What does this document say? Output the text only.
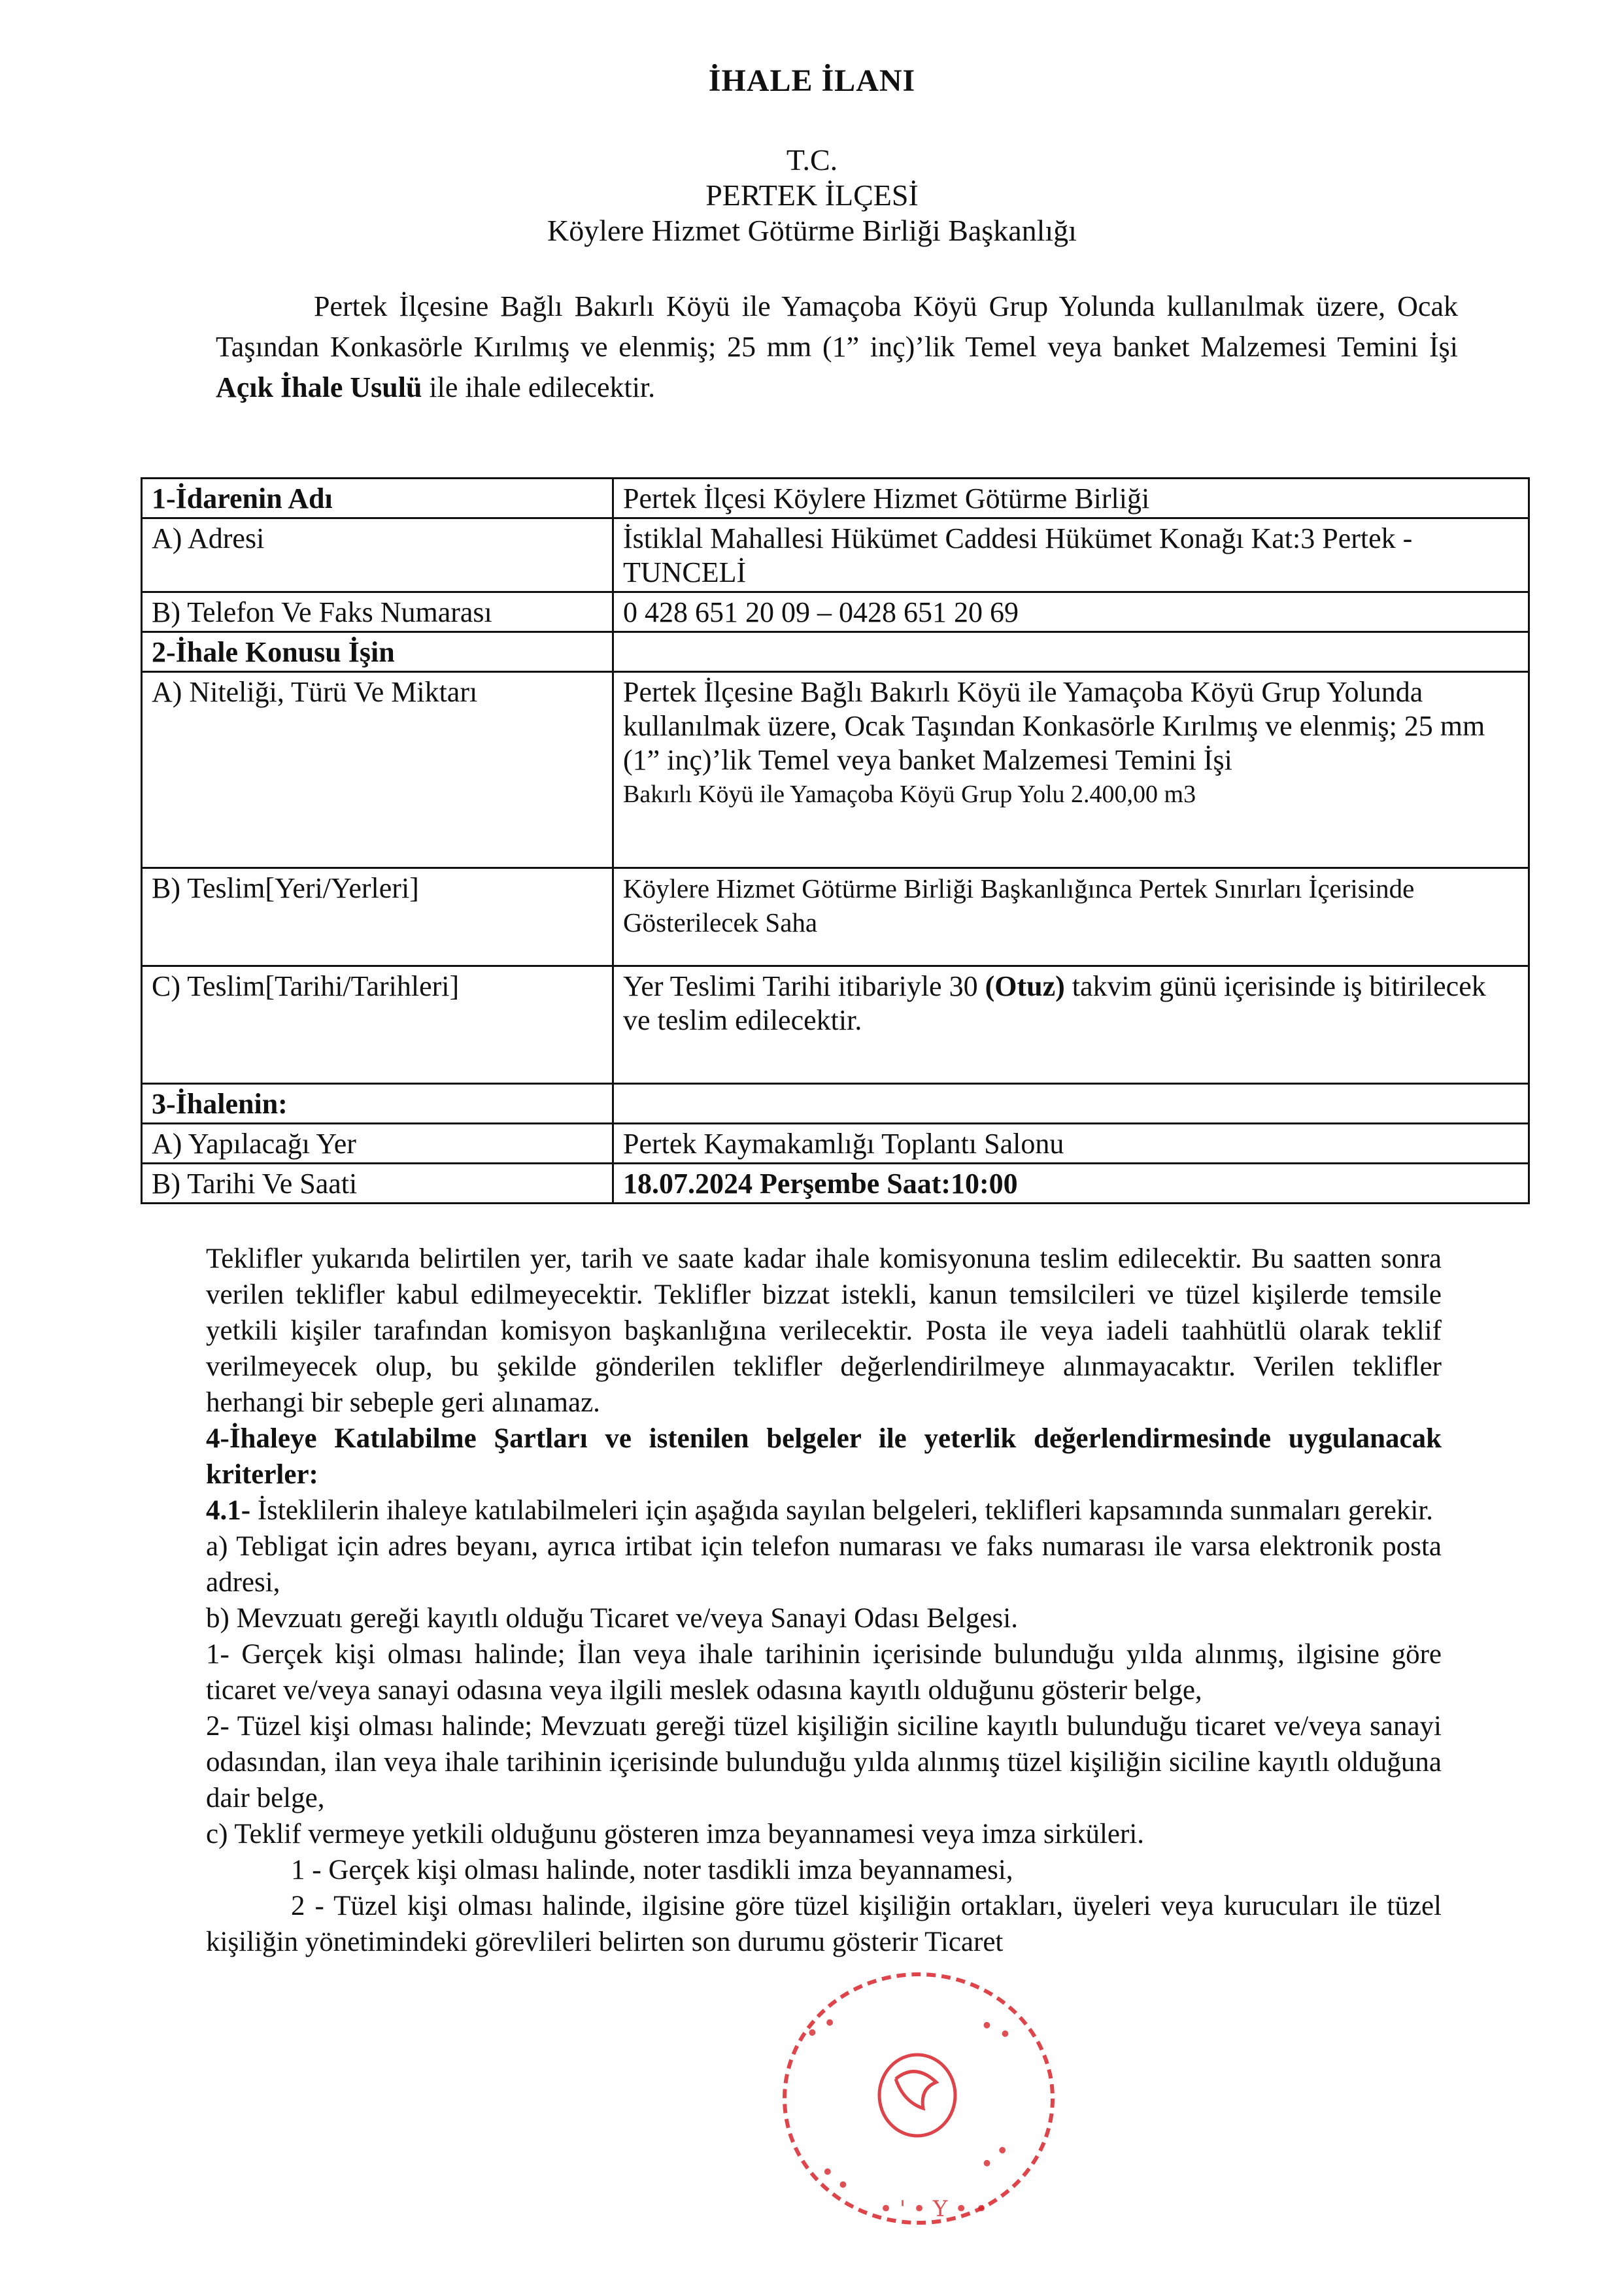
İHALE İLANI
T.C.
PERTEK İLÇESİ
Köylere Hizmet Götürme Birliği Başkanlığı
Pertek İlçesine Bağlı Bakırlı Köyü ile Yamaçoba Köyü Grup Yolunda kullanılmak üzere, Ocak Taşından Konkasörle Kırılmış ve elenmiş; 25 mm (1” inç)’lik Temel veya banket Malzemesi Temini İşi Açık İhale Usulü ile ihale edilecektir.
1-İdarenin Adı	Pertek İlçesi Köylere Hizmet Götürme Birliği
A) Adresi	İstiklal Mahallesi Hükümet Caddesi Hükümet Konağı Kat:3 Pertek -TUNCELİ
B) Telefon Ve Faks Numarası	0 428 651 20 09 – 0428 651 20 69
2-İhale Konusu İşin	
A) Niteliği, Türü Ve Miktarı	Pertek İlçesine Bağlı Bakırlı Köyü ile Yamaçoba Köyü Grup Yolunda kullanılmak üzere, Ocak Taşından Konkasörle Kırılmış ve elenmiş; 25 mm (1” inç)’lik Temel veya banket Malzemesi Temini İşi
Bakırlı Köyü ile Yamaçoba Köyü Grup Yolu 2.400,00 m3

B) Teslim[Yeri/Yerleri]	Köylere Hizmet Götürme Birliği Başkanlığınca Pertek Sınırları İçerisinde Gösterilecek Saha
C) Teslim[Tarihi/Tarihleri]	Yer Teslimi Tarihi itibariyle 30 (Otuz) takvim günü içerisinde iş bitirilecek ve teslim edilecektir.
3-İhalenin:	
A) Yapılacağı Yer	Pertek Kaymakamlığı Toplantı Salonu
B) Tarihi Ve Saati	18.07.2024 Perşembe Saat:10:00

Teklifler yukarıda belirtilen yer, tarih ve saate kadar ihale komisyonuna teslim edilecektir. Bu saatten sonra verilen teklifler kabul edilmeyecektir. Teklifler bizzat istekli, kanun temsilcileri ve tüzel kişilerde temsile yetkili kişiler tarafından komisyon başkanlığına verilecektir. Posta ile veya iadeli taahhütlü olarak teklif verilmeyecek olup, bu şekilde gönderilen teklifler değerlendirilmeye alınmayacaktır. Verilen teklifler herhangi bir sebeple geri alınamaz.

4-İhaleye Katılabilme Şartları ve istenilen belgeler ile yeterlik değerlendirmesinde uygulanacak kriterler:

4.1- İsteklilerin ihaleye katılabilmeleri için aşağıda sayılan belgeleri, teklifleri kapsamında sunmaları gerekir.

a) Tebligat için adres beyanı, ayrıca irtibat için telefon numarası ve faks numarası ile varsa elektronik posta adresi,

b) Mevzuatı gereği kayıtlı olduğu Ticaret ve/veya Sanayi Odası Belgesi.

1- Gerçek kişi olması halinde; İlan veya ihale tarihinin içerisinde bulunduğu yılda alınmış, ilgisine göre ticaret ve/veya sanayi odasına veya ilgili meslek odasına kayıtlı olduğunu gösterir belge,

2- Tüzel kişi olması halinde; Mevzuatı gereği tüzel kişiliğin siciline kayıtlı bulunduğu ticaret ve/veya sanayi odasından, ilan veya ihale tarihinin içerisinde bulunduğu yılda alınmış tüzel kişiliğin siciline kayıtlı olduğuna dair belge,

c) Teklif vermeye yetkili olduğunu gösteren imza beyannamesi veya imza sirküleri.

1 - Gerçek kişi olması halinde, noter tasdikli imza beyannamesi,

2 - Tüzel kişi olması halinde, ilgisine göre tüzel kişiliğin ortakları, üyeleri veya kurucuları ile tüzel kişiliğin yönetimindeki görevlileri belirten son durumu gösterir Ticaret

• •	• •
• ' • Y • •
• •
• •
